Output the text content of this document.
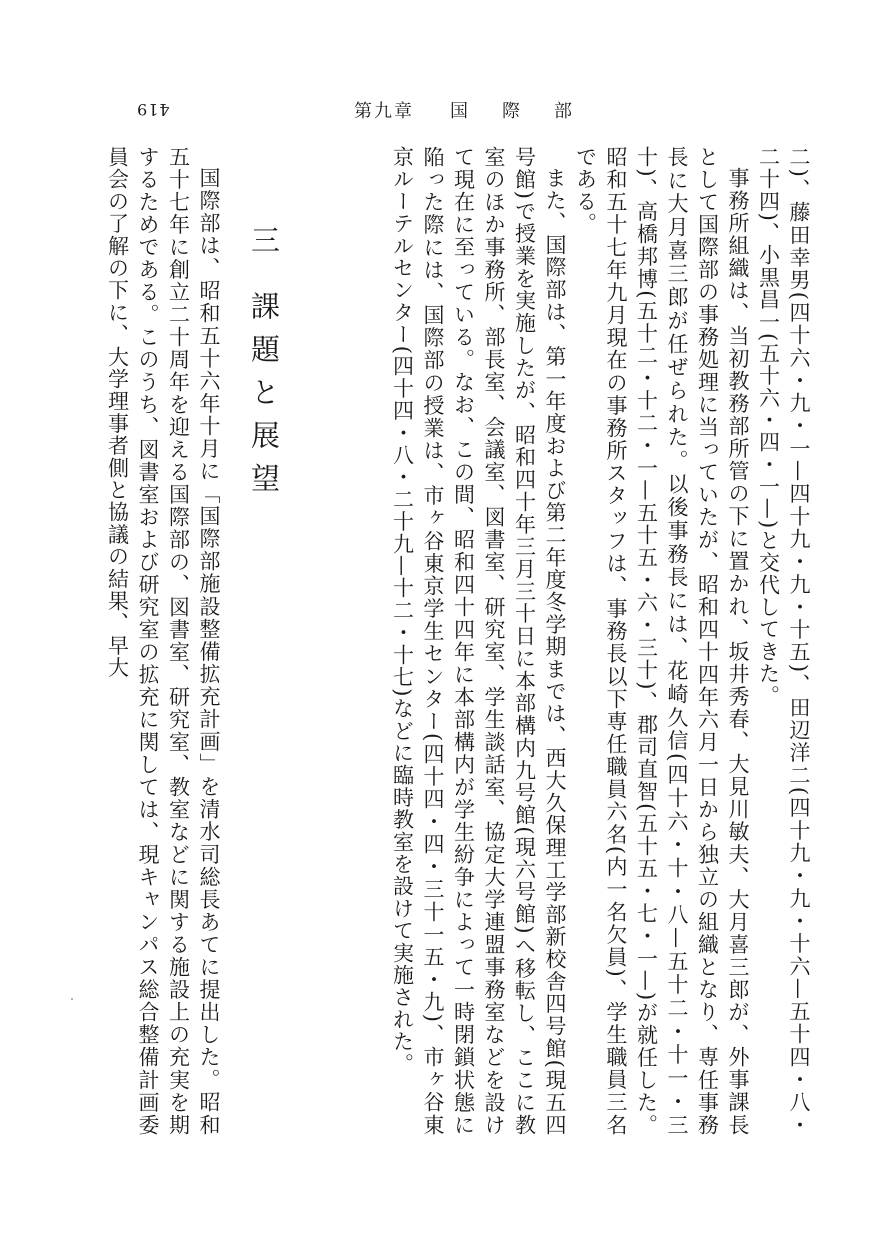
419	第九章 国際部

二)、藤田幸男(四十六・九・一—四十九・九・十五)、田辺洋二(四十九・九・十六—五十四・八・二十四)、小黒昌一(五十六・四・一—)と交代してきた。

事務所組織は、当初教務部所管の下に置かれ、坂井秀春、大見川敏夫、大月喜三郎が、外事課長として国際部の事務処理に当っていたが、昭和四十四年六月一日から独立の組織となり、専任事務長に大月喜三郎が任ぜられた。以後事務長には、花崎久信(四十六・十・八—五十二・十一・三十)、高橋邦博(五十二・十二・一—五十五・六・三十)、郡司直智(五十五・七・一—)が就任した。昭和五十七年九月現在の事務所スタッフは、事務長以下専任職員六名(内一名欠員)、学生職員三名である。

また、国際部は、第一年度および第二年度冬学期までは、西大久保理工学部新校舎四号館(現五四号館)で授業を実施したが、昭和四十年三月三十日に本部構内九号館(現六号館)へ移転し、ここに教室のほか事務所、部長室、会議室、図書室、研究室、学生談話室、協定大学連盟事務室などを設けて現在に至っている。なお、この間、昭和四十四年に本部構内が学生紛争によって一時閉鎖状態に陥った際には、国際部の授業は、市ヶ谷東京学生センター(四十四・四・三十一五・九)、市ヶ谷東京ルーテルセンター(四十四・八・二十九—十二・十七)などに臨時教室を設けて実施された。

三 課題と展望

国際部は、昭和五十六年十月に「国際部施設整備拡充計画」を清水司総長あてに提出した。昭和五十七年に創立二十周年を迎える国際部の、図書室、研究室、教室などに関する施設上の充実を期するためである。このうち、図書室および研究室の拡充に関しては、現キャンパス総合整備計画委員会の了解の下に、大学理事者側と協議の結果、早大
